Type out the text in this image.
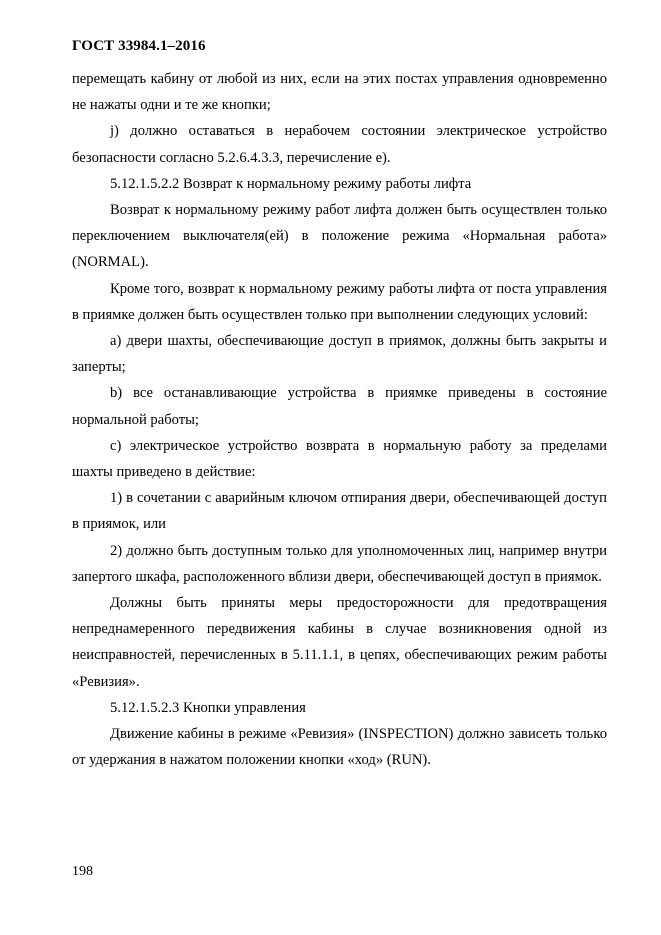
ГОСТ 33984.1–2016

перемещать кабину от любой из них, если на этих постах управления одновременно не нажаты одни и те же кнопки;

j) должно оставаться в нерабочем состоянии электрическое устройство безопасности согласно 5.2.6.4.3.3, перечисление e).

5.12.1.5.2.2 Возврат к нормальному режиму работы лифта

Возврат к нормальному режиму работ лифта должен быть осуществлен только переключением выключателя(ей) в положение режима «Нормальная работа» (NORMAL).

Кроме того, возврат к нормальному режиму работы лифта от поста управления в приямке должен быть осуществлен только при выполнении следующих условий:

a) двери шахты, обеспечивающие доступ в приямок, должны быть закрыты и заперты;

b) все останавливающие устройства в приямке приведены в состояние нормальной работы;

c) электрическое устройство возврата в нормальную работу за пределами шахты приведено в действие:

1) в сочетании с аварийным ключом отпирания двери, обеспечивающей доступ в приямок, или

2) должно быть доступным только для уполномоченных лиц, например внутри запертого шкафа, расположенного вблизи двери, обеспечивающей доступ в приямок.

Должны быть приняты меры предосторожности для предотвращения непреднамеренного передвижения кабины в случае возникновения одной из неисправностей, перечисленных в 5.11.1.1, в цепях, обеспечивающих режим работы «Ревизия».

5.12.1.5.2.3 Кнопки управления

Движение кабины в режиме «Ревизия» (INSPECTION) должно зависеть только от удержания в нажатом положении кнопки «ход» (RUN).

198
